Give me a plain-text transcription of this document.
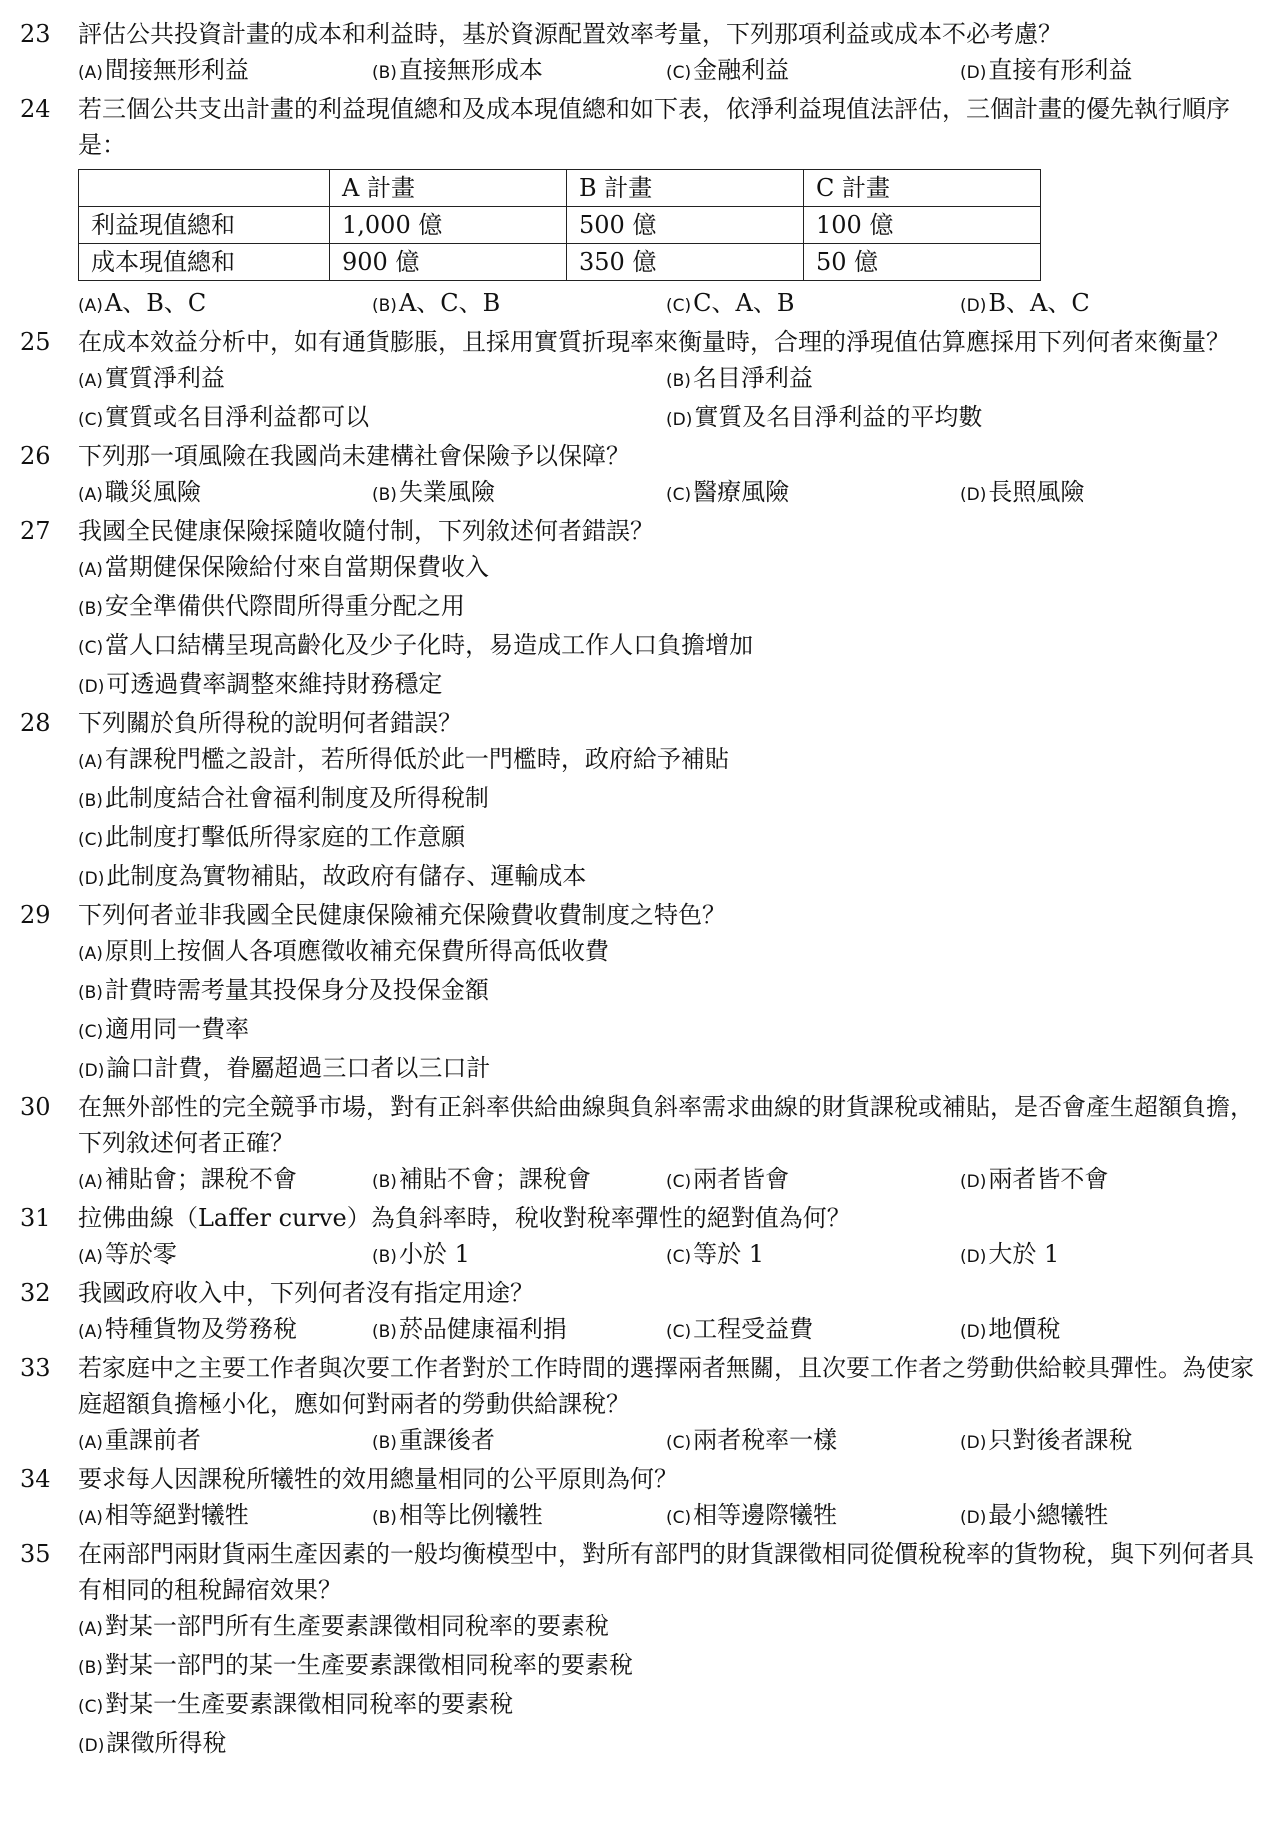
23	評估公共投資計畫的成本和利益時，基於資源配置效率考量，下列那項利益或成本不必考慮？
(A)間接無形利益	(B)直接無形成本	(C)金融利益	(D)直接有形利益
24	若三個公共支出計畫的利益現值總和及成本現值總和如下表，依淨利益現值法評估，三個計畫的優先執行順序是：
	A 計畫	B 計畫	C 計畫
利益現值總和	1,000 億	500 億	100 億
成本現值總和	900 億	350 億	50 億
(A)A、B、C	(B)A、C、B	(C)C、A、B	(D)B、A、C
25	在成本效益分析中，如有通貨膨脹，且採用實質折現率來衡量時，合理的淨現值估算應採用下列何者來衡量？
(A)實質淨利益	(B)名目淨利益
(C)實質或名目淨利益都可以	(D)實質及名目淨利益的平均數
26	下列那一項風險在我國尚未建構社會保險予以保障？
(A)職災風險	(B)失業風險	(C)醫療風險	(D)長照風險
27	我國全民健康保險採隨收隨付制，下列敘述何者錯誤？
(A)當期健保保險給付來自當期保費收入
(B)安全準備供代際間所得重分配之用
(C)當人口結構呈現高齡化及少子化時，易造成工作人口負擔增加
(D)可透過費率調整來維持財務穩定
28	下列關於負所得稅的說明何者錯誤？
(A)有課稅門檻之設計，若所得低於此一門檻時，政府給予補貼
(B)此制度結合社會福利制度及所得稅制
(C)此制度打擊低所得家庭的工作意願
(D)此制度為實物補貼，故政府有儲存、運輸成本
29	下列何者並非我國全民健康保險補充保險費收費制度之特色？
(A)原則上按個人各項應徵收補充保費所得高低收費
(B)計費時需考量其投保身分及投保金額
(C)適用同一費率
(D)論口計費，眷屬超過三口者以三口計
30	在無外部性的完全競爭市場，對有正斜率供給曲線與負斜率需求曲線的財貨課稅或補貼，是否會產生超額負擔，下列敘述何者正確？
(A)補貼會；課稅不會	(B)補貼不會；課稅會	(C)兩者皆會	(D)兩者皆不會
31	拉佛曲線（Laffer curve）為負斜率時，稅收對稅率彈性的絕對值為何？
(A)等於零	(B)小於 1	(C)等於 1	(D)大於 1
32	我國政府收入中，下列何者沒有指定用途？
(A)特種貨物及勞務稅	(B)菸品健康福利捐	(C)工程受益費	(D)地價稅
33	若家庭中之主要工作者與次要工作者對於工作時間的選擇兩者無關，且次要工作者之勞動供給較具彈性。為使家庭超額負擔極小化，應如何對兩者的勞動供給課稅？
(A)重課前者	(B)重課後者	(C)兩者稅率一樣	(D)只對後者課稅
34	要求每人因課稅所犧牲的效用總量相同的公平原則為何？
(A)相等絕對犧牲	(B)相等比例犧牲	(C)相等邊際犧牲	(D)最小總犧牲
35	在兩部門兩財貨兩生產因素的一般均衡模型中，對所有部門的財貨課徵相同從價稅稅率的貨物稅，與下列何者具有相同的租稅歸宿效果？
(A)對某一部門所有生產要素課徵相同稅率的要素稅
(B)對某一部門的某一生產要素課徵相同稅率的要素稅
(C)對某一生產要素課徵相同稅率的要素稅
(D)課徵所得稅
